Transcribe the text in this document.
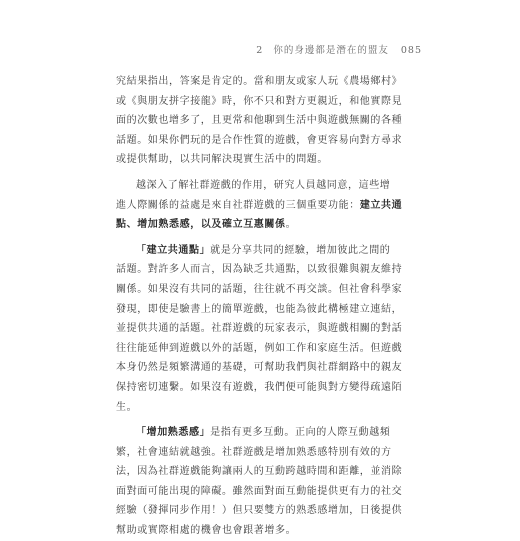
2 你的身邊都是潛在的盟友 085
究結果指出，答案是肯定的。當和朋友或家人玩《農場鄉村》
或《與朋友拼字接龍》時，你不只和對方更親近，和他實際見
面的次數也增多了，且更常和他聊到生活中與遊戲無關的各種
話題。如果你們玩的是合作性質的遊戲，會更容易向對方尋求
或提供幫助，以共同解決現實生活中的問題。
越深入了解社群遊戲的作用，研究人員越同意，這些增
進人際關係的益處是來自社群遊戲的三個重要功能：建立共通
點、增加熟悉感，以及確立互惠關係。
「建立共通點」就是分享共同的經驗，增加彼此之間的
話題。對許多人而言，因為缺乏共通點，以致很難與親友維持
關係。如果沒有共同的話題，往往就不再交談。但社會科學家
發現，即使是驗書上的簡單遊戲，也能為彼此構極建立連結，
並提供共通的話題。社群遊戲的玩家表示，與遊戲相關的對話
往往能延伸到遊戲以外的話題，例如工作和家庭生活。但遊戲
本身仍然是頻繁溝通的基礎，可幫助我們與社群網路中的親友
保持密切連繫。如果沒有遊戲，我們便可能與對方變得疏遠陌
生。
「增加熟悉感」是指有更多互動。正向的人際互動越頻
繁，社會連結就越強。社群遊戲是增加熟悉感特別有效的方
法，因為社群遊戲能夠讓兩人的互動跨越時間和距離，並消除
面對面可能出現的障礙。雖然面對面互動能提供更有力的社交
經驗（發揮同步作用！）但只要雙方的熟悉感增加，日後提供
幫助或實際相處的機會也會跟著增多。
